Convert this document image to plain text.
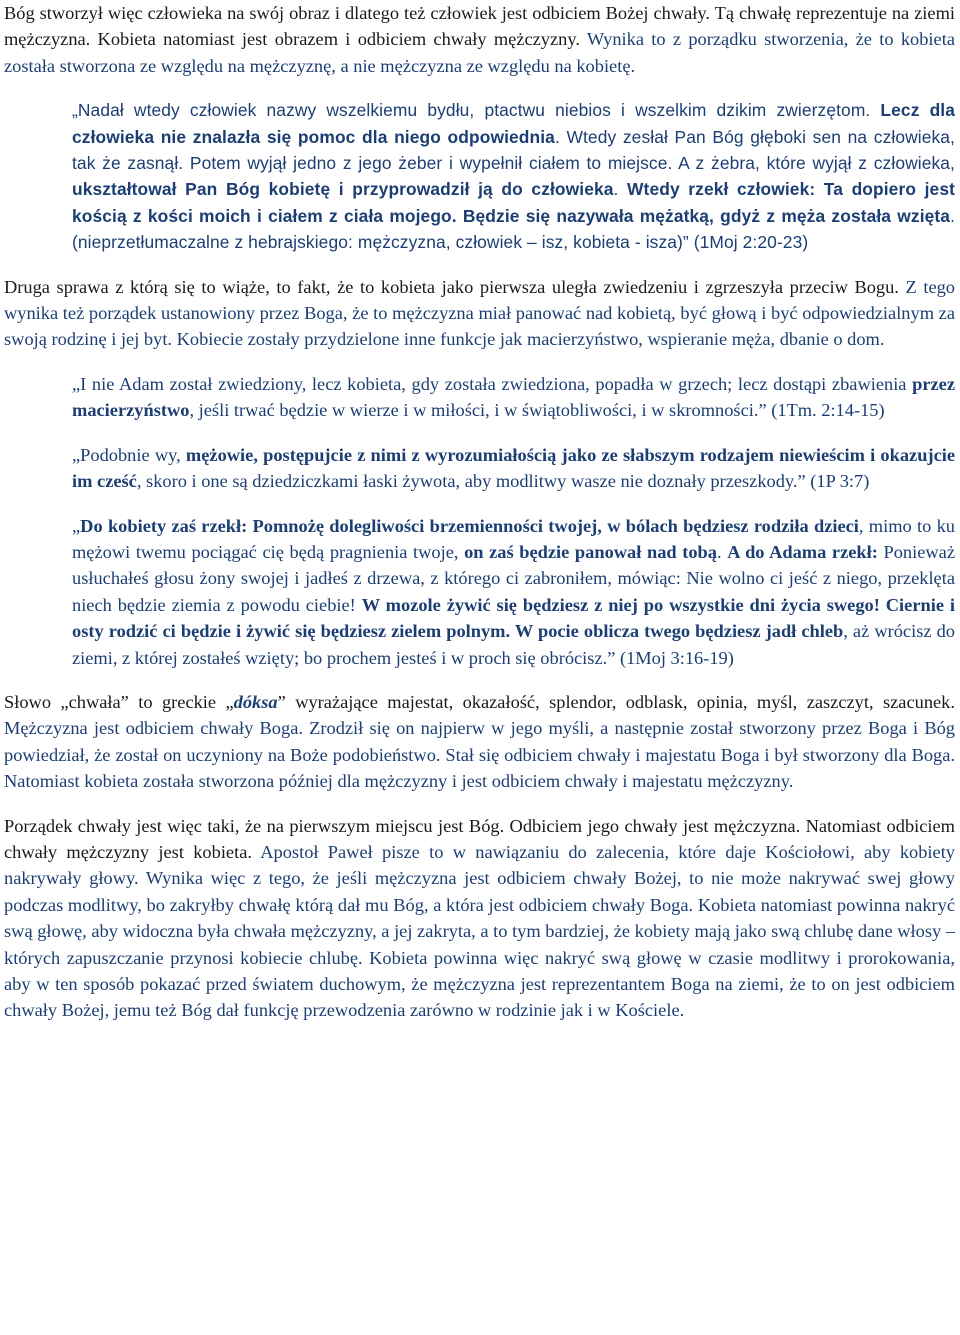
Bóg stworzył więc człowieka na swój obraz i dlatego też człowiek jest odbiciem Bożej chwały. Tą chwałę reprezentuje na ziemi mężczyzna. Kobieta natomiast jest obrazem i odbiciem chwały mężczyzny. Wynika to z porządku stworzenia, że to kobieta została stworzona ze względu na mężczyznę, a nie mężczyzna ze względu na kobietę.

„Nadał wtedy człowiek nazwy wszelkiemu bydłu, ptactwu niebios i wszelkim dzikim zwierzętom. Lecz dla człowieka nie znalazła się pomoc dla niego odpowiednia. Wtedy zesłał Pan Bóg głęboki sen na człowieka, tak że zasnął. Potem wyjął jedno z jego żeber i wypełnił ciałem to miejsce. A z żebra, które wyjął z człowieka, ukształtował Pan Bóg kobietę i przyprowadził ją do człowieka. Wtedy rzekł człowiek: Ta dopiero jest kością z kości moich i ciałem z ciała mojego. Będzie się nazywała mężatką, gdyż z męża została wzięta. (nieprzetłumaczalne z hebrajskiego: mężczyzna, człowiek – isz, kobieta - isza)” (1Moj 2:20-23)

Druga sprawa z którą się to wiąże, to fakt, że to kobieta jako pierwsza uległa zwiedzeniu i zgrzeszyła przeciw Bogu. Z tego wynika też porządek ustanowiony przez Boga, że to mężczyzna miał panować nad kobietą, być głową i być odpowiedzialnym za swoją rodzinę i jej byt. Kobiecie zostały przydzielone inne funkcje jak macierzyństwo, wspieranie męża, dbanie o dom.

„I nie Adam został zwiedziony, lecz kobieta, gdy została zwiedziona, popadła w grzech; lecz dostąpi zbawienia przez macierzyństwo, jeśli trwać będzie w wierze i w miłości, i w świątobliwości, i w skromności.” (1Tm. 2:14-15)

„Podobnie wy, mężowie, postępujcie z nimi z wyrozumiałością jako ze słabszym rodzajem niewieścim i okazujcie im cześć, skoro i one są dziedziczkami łaski żywota, aby modlitwy wasze nie doznały przeszkody.” (1P 3:7)

„Do kobiety zaś rzekł: Pomnożę dolegliwości brzemienności twojej, w bólach będziesz rodziła dzieci, mimo to ku mężowi twemu pociągać cię będą pragnienia twoje, on zaś będzie panował nad tobą. A do Adama rzekł: Ponieważ usłuchałeś głosu żony swojej i jadłeś z drzewa, z którego ci zabroniłem, mówiąc: Nie wolno ci jeść z niego, przeklęta niech będzie ziemia z powodu ciebie! W mozole żywić się będziesz z niej po wszystkie dni życia swego! Ciernie i osty rodzić ci będzie i żywić się będziesz zielem polnym. W pocie oblicza twego będziesz jadł chleb, aż wrócisz do ziemi, z której zostałeś wzięty; bo prochem jesteś i w proch się obrócisz.” (1Moj 3:16-19)

Słowo „chwała” to greckie „dóksa” wyrażające majestat, okazałość, splendor, odblask, opinia, myśl, zaszczyt, szacunek. Mężczyzna jest odbiciem chwały Boga. Zrodził się on najpierw w jego myśli, a następnie został stworzony przez Boga i Bóg powiedział, że został on uczyniony na Boże podobieństwo. Stał się odbiciem chwały i majestatu Boga i był stworzony dla Boga. Natomiast kobieta została stworzona później dla mężczyzny i jest odbiciem chwały i majestatu mężczyzny.

Porządek chwały jest więc taki, że na pierwszym miejscu jest Bóg. Odbiciem jego chwały jest mężczyzna. Natomiast odbiciem chwały mężczyzny jest kobieta. Apostoł Paweł pisze to w nawiązaniu do zalecenia, które daje Kościołowi, aby kobiety nakrywały głowy. Wynika więc z tego, że jeśli mężczyzna jest odbiciem chwały Bożej, to nie może nakrywać swej głowy podczas modlitwy, bo zakryłby chwałę którą dał mu Bóg, a która jest odbiciem chwały Boga. Kobieta natomiast powinna nakryć swą głowę, aby widoczna była chwała mężczyzny, a jej zakryta, a to tym bardziej, że kobiety mają jako swą chlubę dane włosy – których zapuszczanie przynosi kobiecie chlubę. Kobieta powinna więc nakryć swą głowę w czasie modlitwy i prorokowania, aby w ten sposób pokazać przed światem duchowym, że mężczyzna jest reprezentantem Boga na ziemi, że to on jest odbiciem chwały Bożej, jemu też Bóg dał funkcję przewodzenia zarówno w rodzinie jak i w Kościele.
